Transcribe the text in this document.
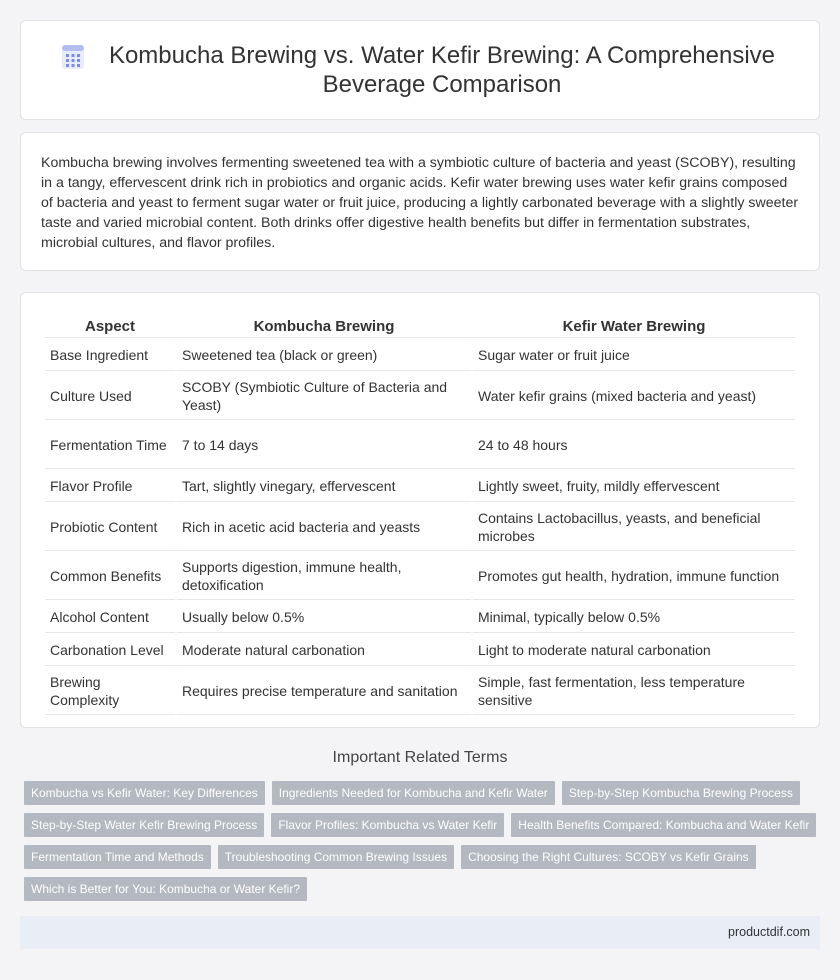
Kombucha Brewing vs. Water Kefir Brewing: A Comprehensive Beverage Comparison

Kombucha brewing involves fermenting sweetened tea with a symbiotic culture of bacteria and yeast (SCOBY), resulting in a tangy, effervescent drink rich in probiotics and organic acids. Kefir water brewing uses water kefir grains composed of bacteria and yeast to ferment sugar water or fruit juice, producing a lightly carbonated beverage with a slightly sweeter taste and varied microbial content. Both drinks offer digestive health benefits but differ in fermentation substrates, microbial cultures, and flavor profiles.

Aspect	Kombucha Brewing	Kefir Water Brewing
Base Ingredient	Sweetened tea (black or green)	Sugar water or fruit juice
Culture Used	SCOBY (Symbiotic Culture of Bacteria and Yeast)	Water kefir grains (mixed bacteria and yeast)
Fermentation Time	7 to 14 days	24 to 48 hours
Flavor Profile	Tart, slightly vinegary, effervescent	Lightly sweet, fruity, mildly effervescent
Probiotic Content	Rich in acetic acid bacteria and yeasts	Contains Lactobacillus, yeasts, and beneficial microbes
Common Benefits	Supports digestion, immune health, detoxification	Promotes gut health, hydration, immune function
Alcohol Content	Usually below 0.5%	Minimal, typically below 0.5%
Carbonation Level	Moderate natural carbonation	Light to moderate natural carbonation
Brewing Complexity	Requires precise temperature and sanitation	Simple, fast fermentation, less temperature sensitive
Important Related Terms
Kombucha vs Kefir Water: Key Differences	Ingredients Needed for Kombucha and Kefir Water	Step-by-Step Kombucha Brewing Process
Step-by-Step Water Kefir Brewing Process	Flavor Profiles: Kombucha vs Water Kefir	Health Benefits Compared: Kombucha and Water Kefir
Fermentation Time and Methods	Troubleshooting Common Brewing Issues	Choosing the Right Cultures: SCOBY vs Kefir Grains
Which is Better for You: Kombucha or Water Kefir?
productdif.com
